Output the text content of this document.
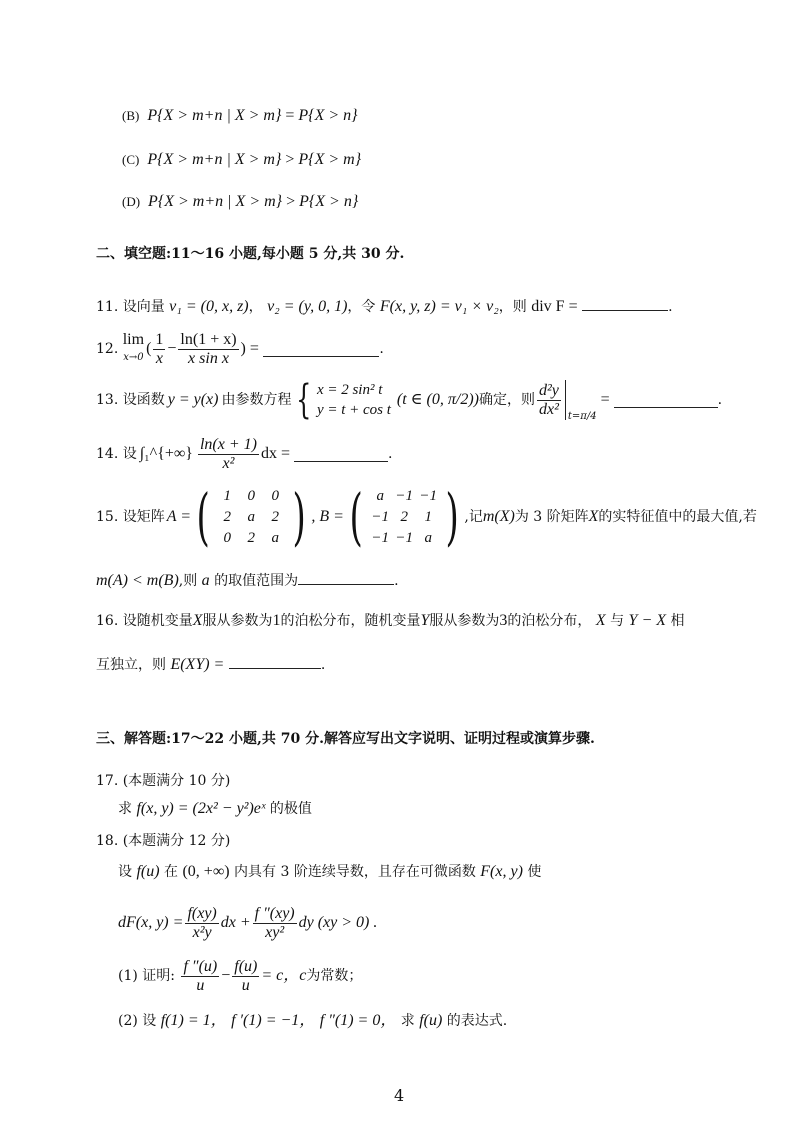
(B) P{X > m+n | X > m} = P{X > n}
(C) P{X > m+n | X > m} > P{X > m}
(D) P{X > m+n | X > m} > P{X > n}
二、填空题:11～16 小题,每小题 5 分,共 30 分.
11. 设向量 v₁ = (0, x, z)， v₂ = (y, 0, 1)，令 F(x, y, z) = v₁ × v₂，则 div F =	.
12.

lim
x→0
( $\frac{1}{x} - \frac{\ln(1 + x)}{\text{x sin x}}$ ) =
	.
13.
设函数 y = y(x) 由参数方程 { x = 2 sin² t
y = t + cos t
(t ∈ (0, π/2)) 确定，则 $\frac{\text{d²y}}{\text{dx²}} t=\pi/4$
=	.
14.
设 ∫₁^{+∞} $\frac{\ln(x + 1)}{\text{x²}}$ dx =	.
15.
设矩阵 A = ( 1	0	0
2	a	2
0	2	a ) , B = ( a −1 −1
−1 2	1
−1 −1 a ) ,记 m(X) 为 3 阶矩阵 X 的实特征值中的最大值,若
m(A) < m(B),则 a 的取值范围为	.
16. 设随机变量X服从参数为1的泊松分布，随机变量Y服从参数为3的泊松分布， X 与 Y − X 相
互独立，则 E(XY) =	.
三、解答题:17～22 小题,共 70 分.解答应写出文字说明、证明过程或演算步骤.
17. (本题满分 10 分)
求 f(x, y) = (2x² − y²)eˣ 的极值
18. (本题满分 12 分)
设 f(u) 在 (0, +∞) 内具有 3 阶连续导数，且存在可微函数 F(x, y) 使
dF(x, $y) = \frac{f(xy)}{\text{x²y}}$ dx + $\frac{f ''(xy)}{\text{xy²}}$ dy (xy > 0) .
(1) 证明:
$\frac{f ''(u)}{u} - \frac{f(u)}{u} = c$， c 为常数；
(2) 设 f(1) = 1， f ′(1) = −1， f ″(1) = 0， 求 f(u) 的表达式.
4
